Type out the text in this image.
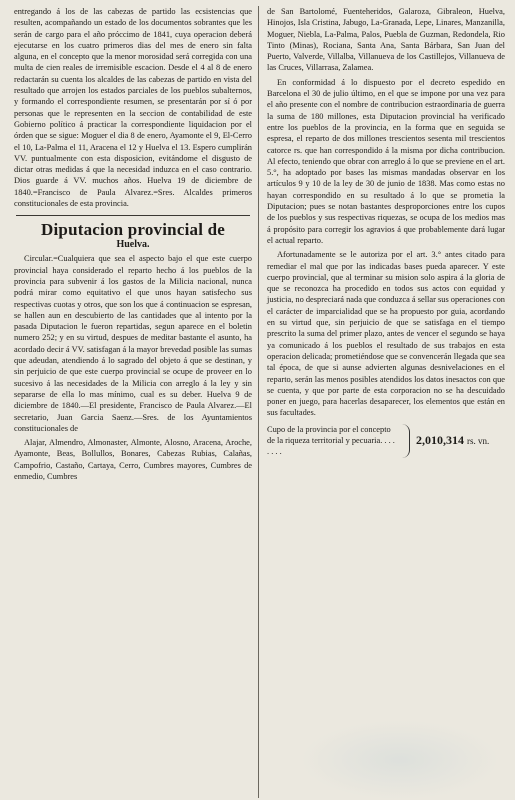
entregando á los de las cabezas de partido las ecsistencias que resulten, acompañando un estado de los documentos sobrantes que les serán de cargo para el año próccimo de 1841, cuya operacion deberá ejecutarse en los cuatro primeros dias del mes de enero sin falta alguna, en el concepto que la menor morosidad será corregida con una multa de cien reales de irremisible escacion. Desde el 4 al 8 de enero redactarán su cuenta los alcaldes de las cabezas de partido en vista del resultado que arrojen los estados parciales de los pueblos subalternos, y formando el correspondiente resumen, se presentarán por sí ó por personas que le representen en la seccion de contabilidad de este Gobierno político á practicar la correspondiente liquidacion por el órden que se sigue: Moguer el dia 8 de enero, Ayamonte el 9, El-Cerro el 10, La-Palma el 11, Aracena el 12 y Huelva el 13. Espero cumplirán VV. puntualmente con esta disposicion, evitándome el disgusto de dictar otras medidas á que la necesidad induzca en el caso contrario. Dios guarde á VV. muchos años. Huelva 19 de diciembre de 1840.=Francisco de Paula Alvarez.=Sres. Alcaldes primeros constitucionales de esta provincia.

Diputacion provincial de
Huelva.

Circular.=Cualquiera que sea el aspecto bajo el que este cuerpo provincial haya considerado el reparto hecho á los pueblos de la provincia para subvenir á los gastos de la Milicia nacional, nunca podrá mirar como equitativo el que unos hayan satisfecho sus respectivas cuotas y otros, que son los que á continuacion se espresan, se hallen aun en descubierto de las cantidades que al intento por la pasada Diputacion le fueron repartidas, segun aparece en el boletin numero 252; y en su virtud, despues de meditar bastante el asunto, ha acordado decir á VV. satisfagan á la mayor brevedad posible las sumas que adeudan, atendiendo á lo sagrado del objeto á que se destinan, y sin perjuicio de que este cuerpo provincial se ocupe de proveer en lo sucesivo á las necesidades de la Milicia con arreglo á la ley y sin separarse de ella lo mas mínimo, cual es su deber. Huelva 9 de diciembre de 1840.—El presidente, Francisco de Paula Alvarez.—El secretario, Juan Garcia Saenz.—Sres. de los Ayuntamientos constitucionales de

Alajar, Almendro, Almonaster, Almonte, Alosno, Aracena, Aroche, Ayamonte, Beas, Bollullos, Bonares, Cabezas Rubias, Calañas, Campofrio, Castaño, Cartaya, Cerro, Cumbres mayores, Cumbres de enmedio, Cumbres

de San Bartolomé, Fuenteheridos, Galaroza, Gibraleon, Huelva, Hinojos, Isla Cristina, Jabugo, La-Granada, Lepe, Linares, Manzanilla, Moguer, Niebla, La-Palma, Palos, Puebla de Guzman, Redondela, Rio Tinto (Minas), Rociana, Santa Ana, Santa Bárbara, San Juan del Puerto, Valverde, Villalba, Villanueva de los Castillejos, Villanueva de las Cruces, Villarrasa, Zalamea.

En conformidad á lo dispuesto por el decreto espedido en Barcelona el 30 de julio último, en el que se impone por una vez para el año presente con el nombre de contribucion estraordinaria de guerra la suma de 180 millones, esta Diputacion provincial ha verificado entre los pueblos de la provincia, en la forma que en seguida se espresa, el reparto de dos millones trescientos sesenta mil trescientos catorce rs. que han correspondido á la misma por dicha contribucion. Al efecto, teniendo que obrar con arreglo á lo que se previene en el art. 5.°, ha adoptado por bases las mismas mandadas observar en los artículos 9 y 10 de la ley de 30 de junio de 1838. Mas como estas no hayan correspondido en su resultado á lo que se prometia la Diputacion; pues se notan bastantes desproporciones entre los cupos de los pueblos y sus respectivas riquezas, se ocupa de los medios mas á propósito para corregir los agravios á que probablemente dará lugar el actual reparto.

Afortunadamente se le autoriza por el art. 3.° antes citado para remediar el mal que por las indicadas bases pueda aparecer. Y este cuerpo provincial, que al terminar su mision solo aspira á la gloria de que se reconozca ha procedido en todos sus actos con equidad y justicia, no despreciará nada que conduzca á sellar sus operaciones con el carácter de imparcialidad que se ha propuesto por guia, acordando en su virtud que, sin perjuicio de que se satisfaga en el tiempo prescrito la suma del primer plazo, antes de vencer el segundo se haya ya comunicado á los pueblos el resultado de sus trabajos en esta operacion delicada; prometiéndose que se convencerán llegada que sea tal época, de que si aunse advierten algunas desnivelaciones en el reparto, serán las menos posibles atendidos los datos inesactos con que se cuenta, y que por parte de esta corporacion no se ha descuidado poner en juego, para hacerlas desaparecer, los elementos que están en sus facultades.

Cupo de la provincia por el concepto de la riqueza territorial y pecuaria. . . . . . . .

2,010,314 rs. vn.
